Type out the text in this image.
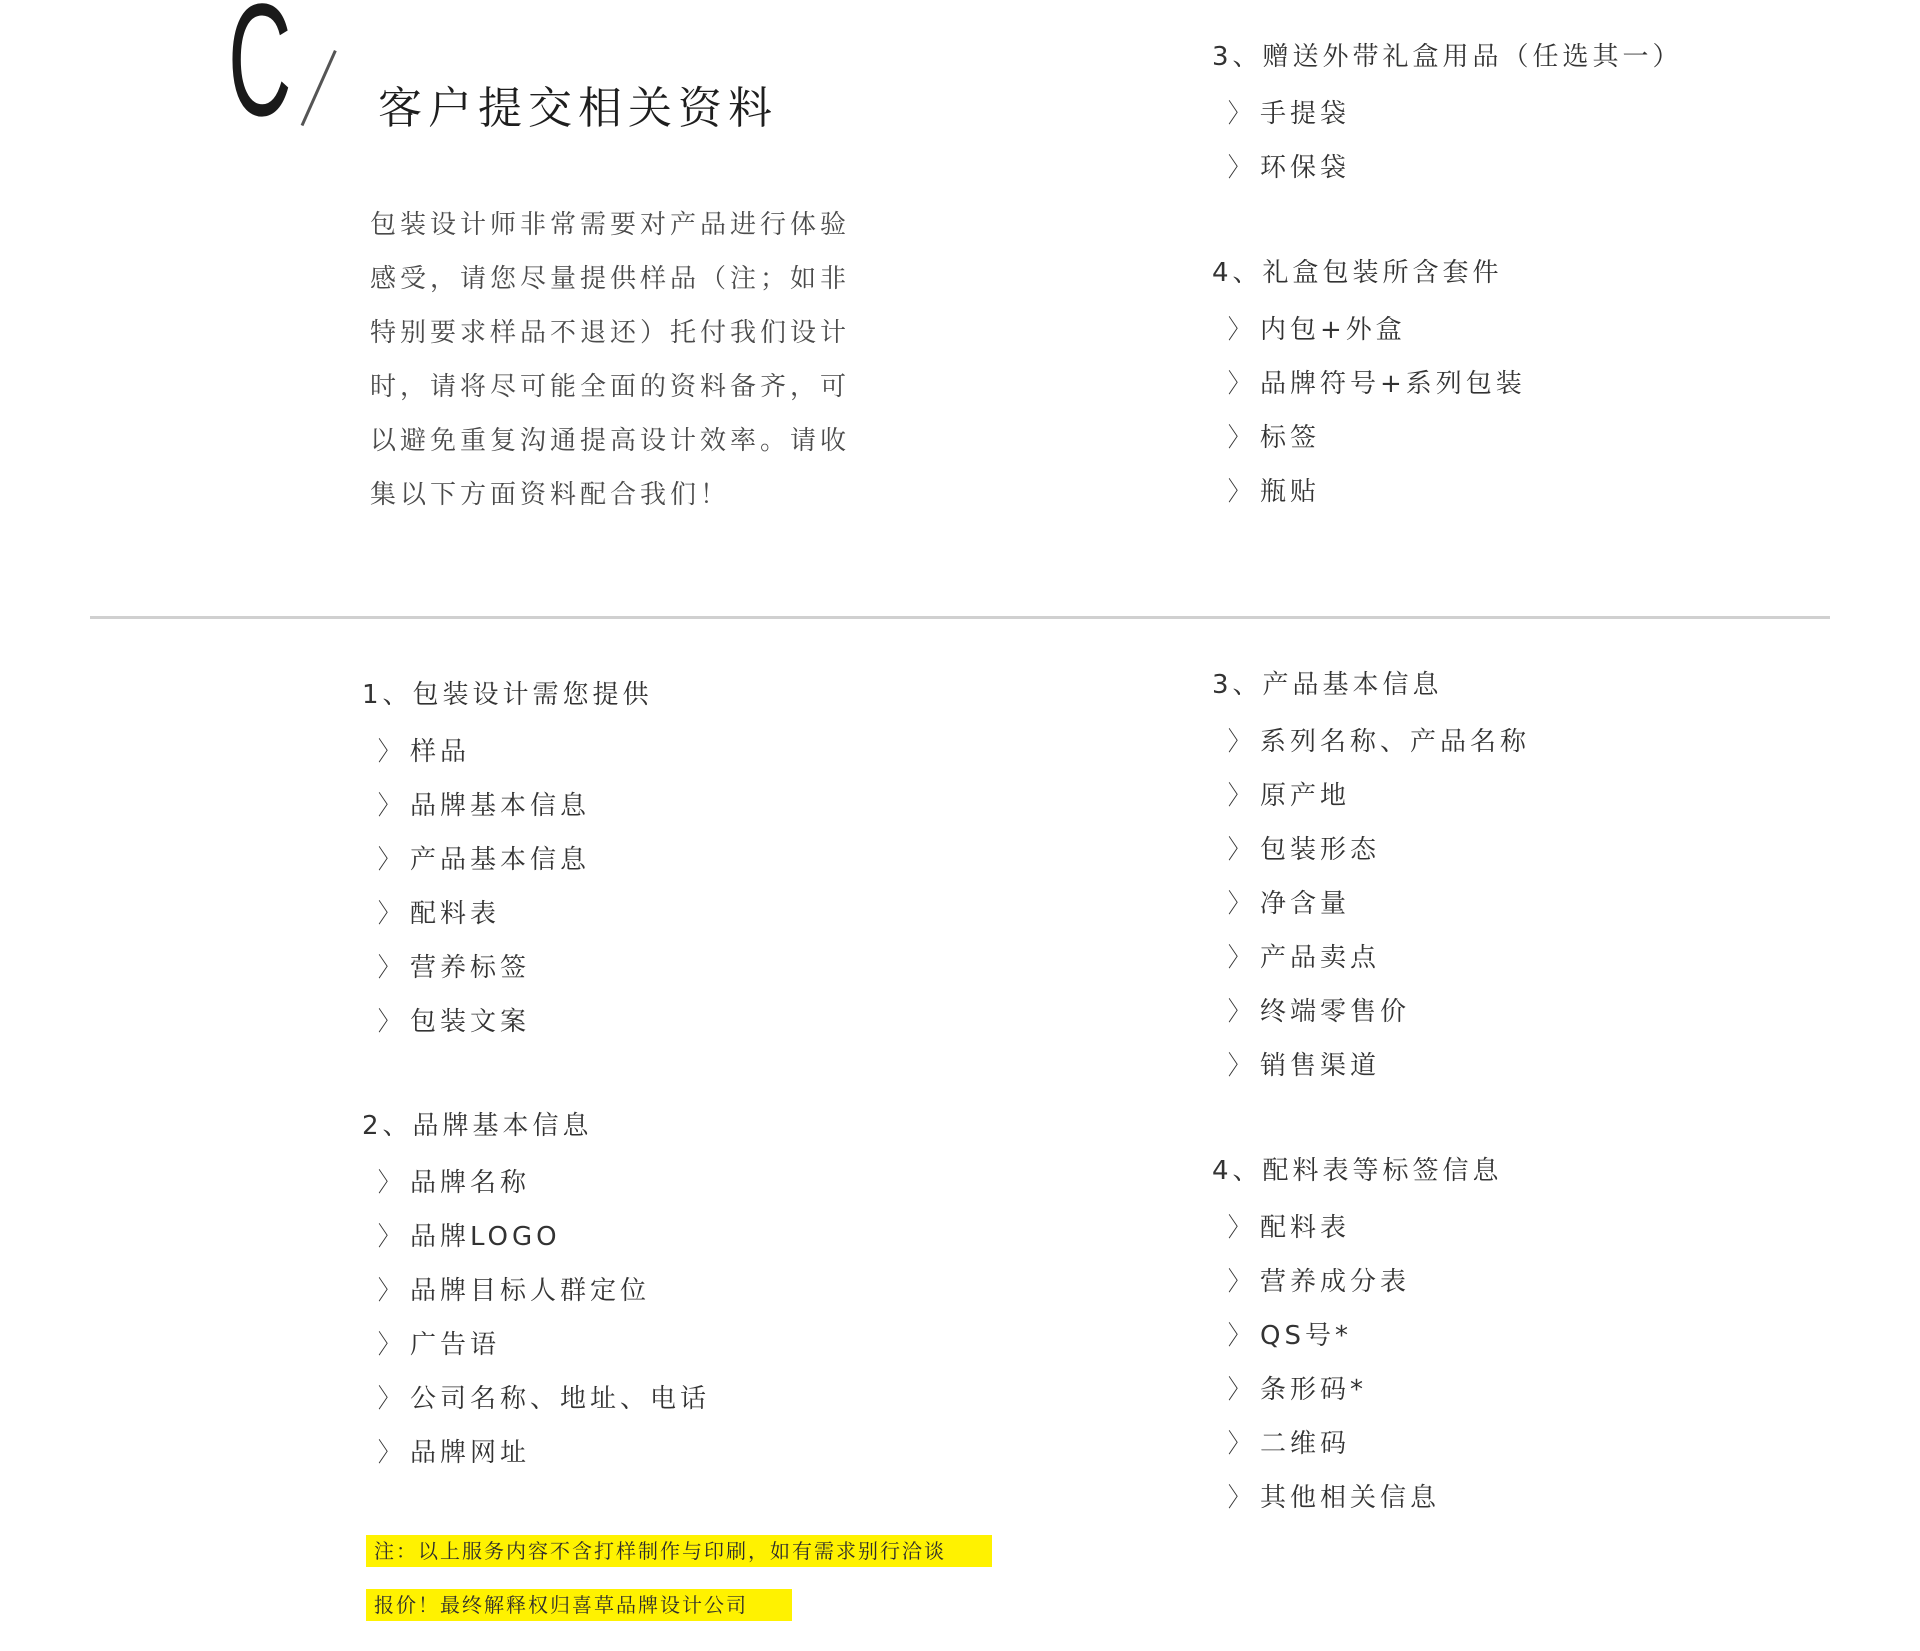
C 客户提交相关资料
包装设计师非常需要对产品进行体验
感受，请您尽量提供样品（注；如非
特别要求样品不退还）托付我们设计
时，请将尽可能全面的资料备齐，可
以避免重复沟通提高设计效率。请收
集以下方面资料配合我们！
3、赠送外带礼盒用品（任选其一）
〉 手提袋
〉 环保袋
4、礼盒包装所含套件
〉 内包+外盒
〉 品牌符号+系列包装
〉 标签
〉 瓶贴
1、包装设计需您提供
〉 样品
〉 品牌基本信息
〉 产品基本信息
〉 配料表
〉 营养标签
〉 包装文案
2、品牌基本信息
〉 品牌名称
〉 品牌LOGO
〉 品牌目标人群定位
〉 广告语
〉 公司名称、地址、电话
〉 品牌网址
3、产品基本信息
〉 系列名称、产品名称
〉 原产地
〉 包装形态
〉 净含量
〉 产品卖点
〉 终端零售价
〉 销售渠道
4、配料表等标签信息
〉 配料表
〉 营养成分表
〉 QS号*
〉 条形码*
〉 二维码
〉 其他相关信息
注：以上服务内容不含打样制作与印刷，如有需求别行洽谈
报价！最终解释权归喜草品牌设计公司
